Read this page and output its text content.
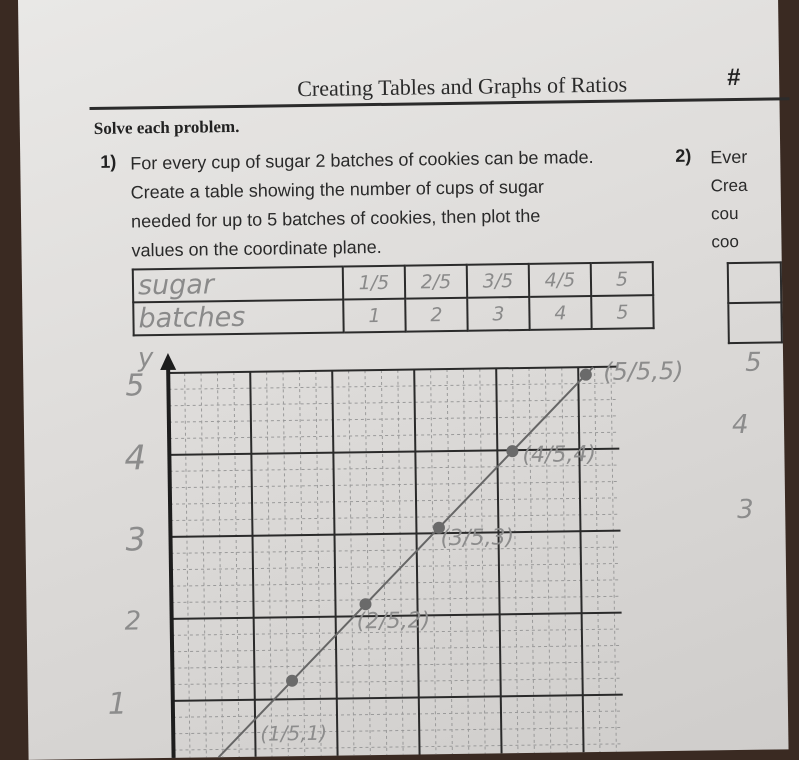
Creating Tables and Graphs of Ratios	#
Solve each problem.
1) For every cup of sugar 2 batches of cookies can be made.
Create a table showing the number of cups of sugar
needed for up to 5 batches of cookies, then plot the
values on the coordinate plane.
2) Ever
Crea
cou
coo
sugar	1/5	2/5	3/5	4/5	5
batches	1	2	3	4	5

y
5
4
3
2
1
5
4
3
(5/5,5)
(4/5,4)
(3/5,3)
(2/5,2)
(1/5,1)
